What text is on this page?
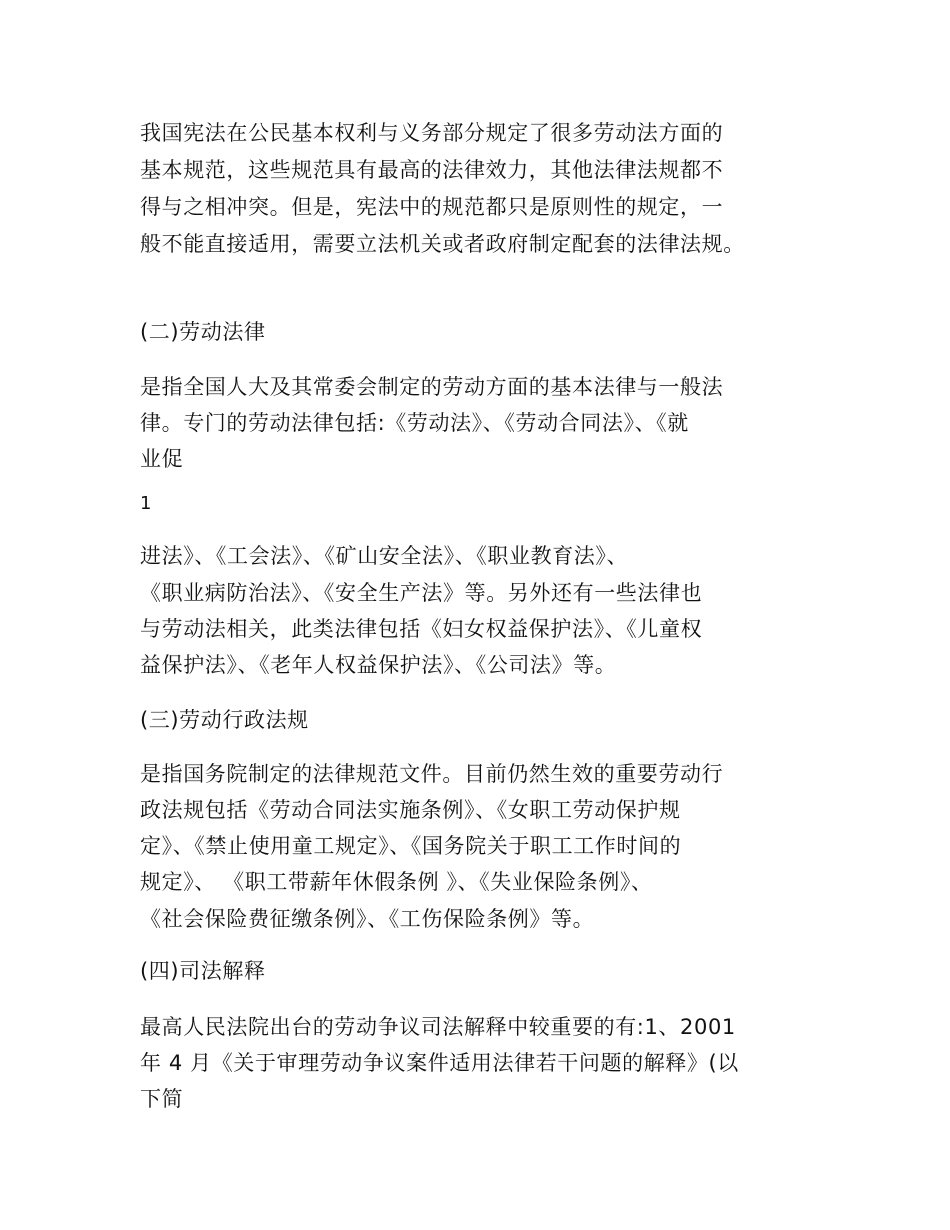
我国宪法在公民基本权利与义务部分规定了很多劳动法方面的

基本规范，这些规范具有最高的法律效力，其他法律法规都不

得与之相冲突。但是，宪法中的规范都只是原则性的规定，一

般不能直接适用，需要立法机关或者政府制定配套的法律法规。

(二)劳动法律

是指全国人大及其常委会制定的劳动方面的基本法律与一般法

律。专门的劳动法律包括:《劳动法》、《劳动合同法》、《就

业促

1

进法》、《工会法》、《矿山安全法》、《职业教育法》、

《职业病防治法》、《安全生产法》等。另外还有一些法律也

与劳动法相关，此类法律包括《妇女权益保护法》、《儿童权

益保护法》、《老年人权益保护法》、《公司法》等。

(三)劳动行政法规

是指国务院制定的法律规范文件。目前仍然生效的重要劳动行

政法规包括《劳动合同法实施条例》、《女职工劳动保护规

定》、《禁止使用童工规定》、《国务院关于职工工作时间的

规定》、 《职工带薪年休假条例 》、《失业保险条例》、

《社会保险费征缴条例》、《工伤保险条例》等。

(四)司法解释

最高人民法院出台的劳动争议司法解释中较重要的有:1、2001

年 4 月《关于审理劳动争议案件适用法律若干问题的解释》(以

下简
